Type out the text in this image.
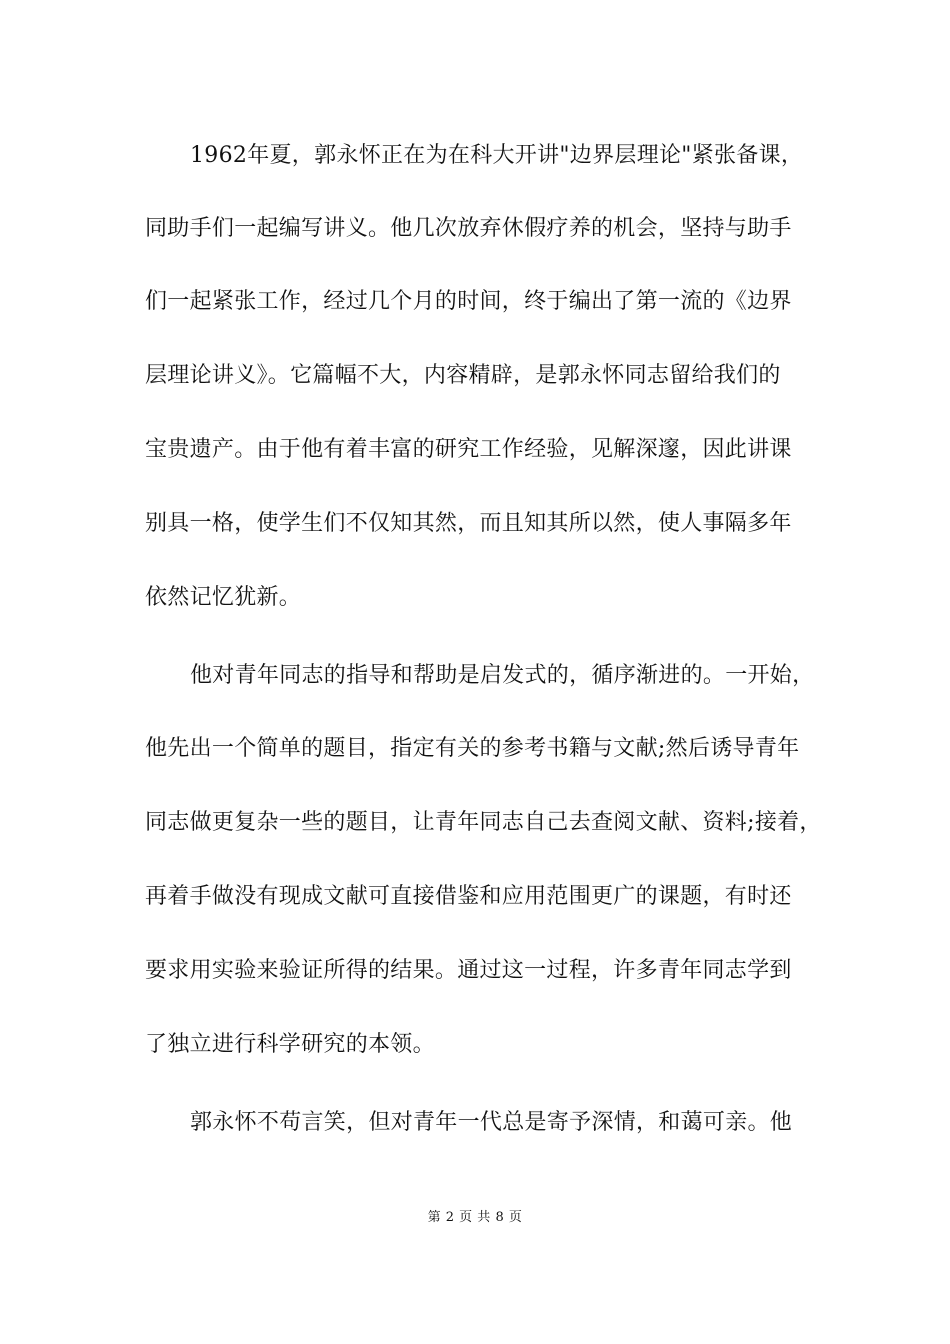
1962年夏，郭永怀正在为在科大开讲"边界层理论"紧张备课，
同助手们一起编写讲义。他几次放弃休假疗养的机会，坚持与助手
们一起紧张工作，经过几个月的时间，终于编出了第一流的《边界
层理论讲义》。它篇幅不大，内容精辟，是郭永怀同志留给我们的
宝贵遗产。由于他有着丰富的研究工作经验，见解深邃，因此讲课
别具一格，使学生们不仅知其然，而且知其所以然，使人事隔多年
依然记忆犹新。
他对青年同志的指导和帮助是启发式的，循序渐进的。一开始，
他先出一个简单的题目，指定有关的参考书籍与文献;然后诱导青年
同志做更复杂一些的题目，让青年同志自己去查阅文献、资料;接着，
再着手做没有现成文献可直接借鉴和应用范围更广的课题，有时还
要求用实验来验证所得的结果。通过这一过程，许多青年同志学到
了独立进行科学研究的本领。
郭永怀不苟言笑，但对青年一代总是寄予深情，和蔼可亲。他
第 2 页 共 8 页
